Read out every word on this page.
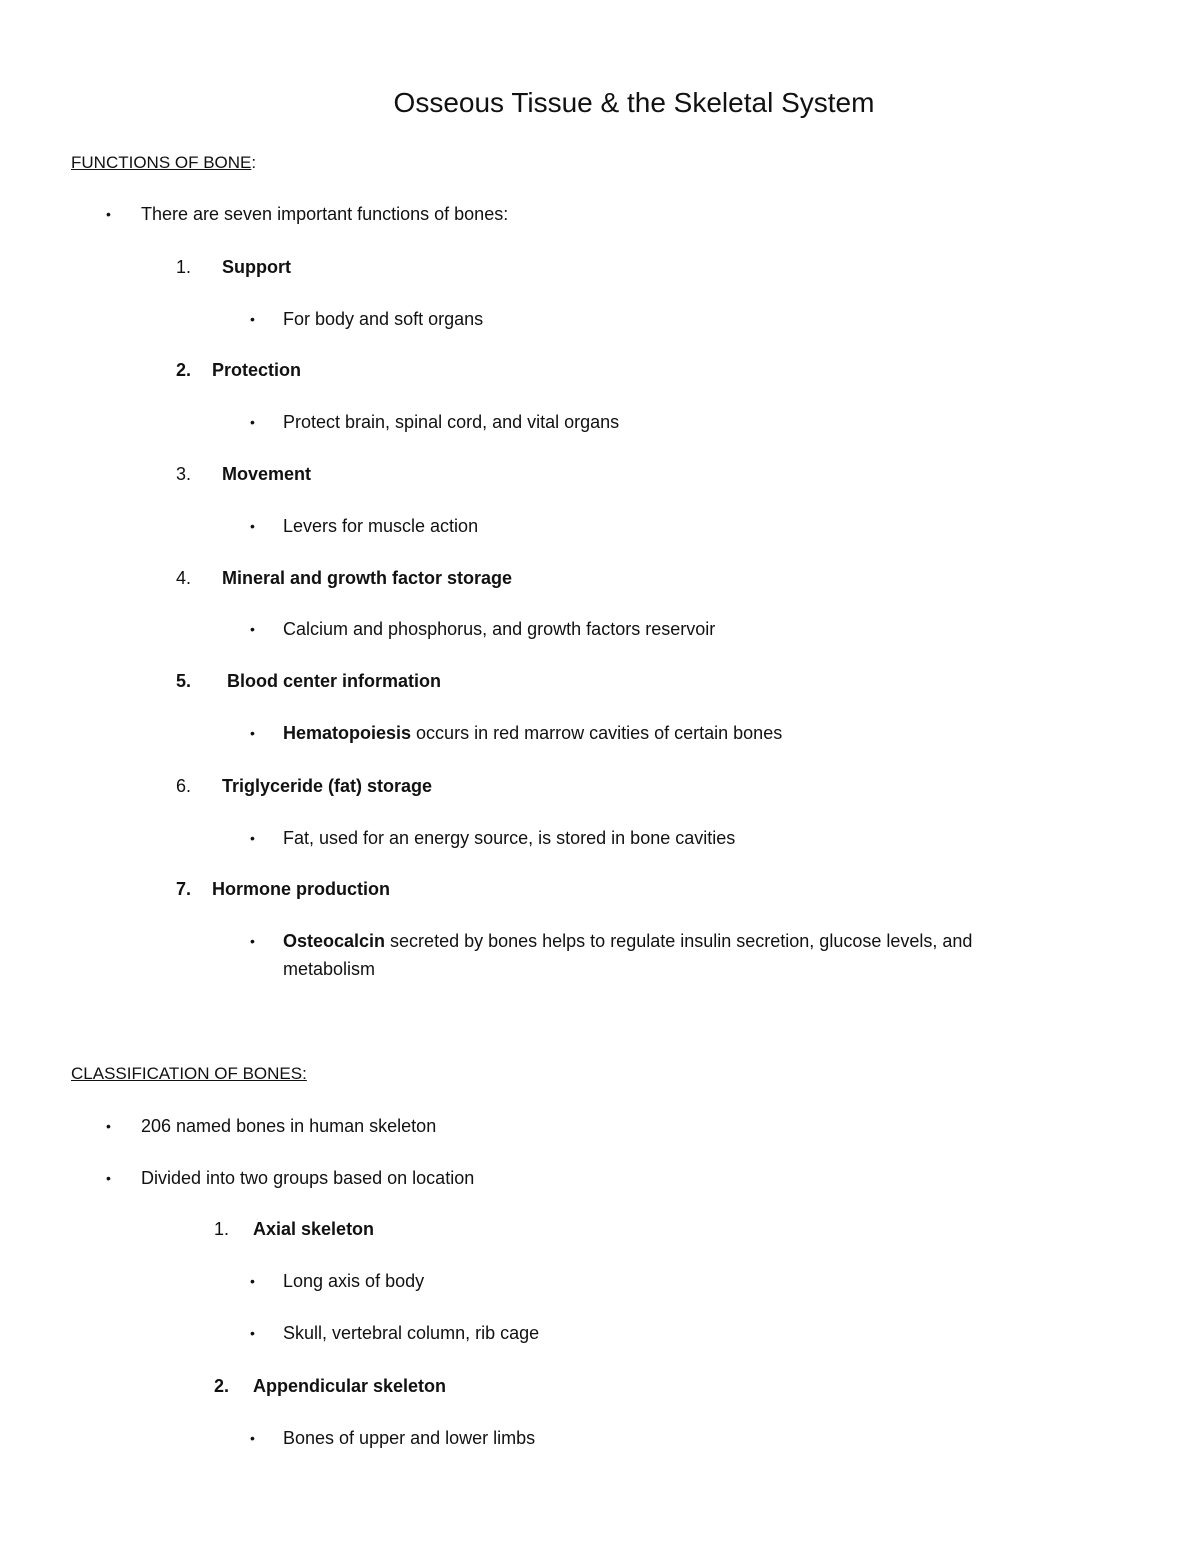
Osseous Tissue & the Skeletal System
FUNCTIONS OF BONE:
• There are seven important functions of bones:
1. Support
• For body and soft organs
2. Protection
• Protect brain, spinal cord, and vital organs
3. Movement
• Levers for muscle action
4. Mineral and growth factor storage
• Calcium and phosphorus, and growth factors reservoir
5. Blood center information
• Hematopoiesis occurs in red marrow cavities of certain bones
6. Triglyceride (fat) storage
• Fat, used for an energy source, is stored in bone cavities
7. Hormone production
• Osteocalcin secreted by bones helps to regulate insulin secretion, glucose levels, and
metabolism
CLASSIFICATION OF BONES:
• 206 named bones in human skeleton
• Divided into two groups based on location
1. Axial skeleton
• Long axis of body
• Skull, vertebral column, rib cage
2. Appendicular skeleton
• Bones of upper and lower limbs
